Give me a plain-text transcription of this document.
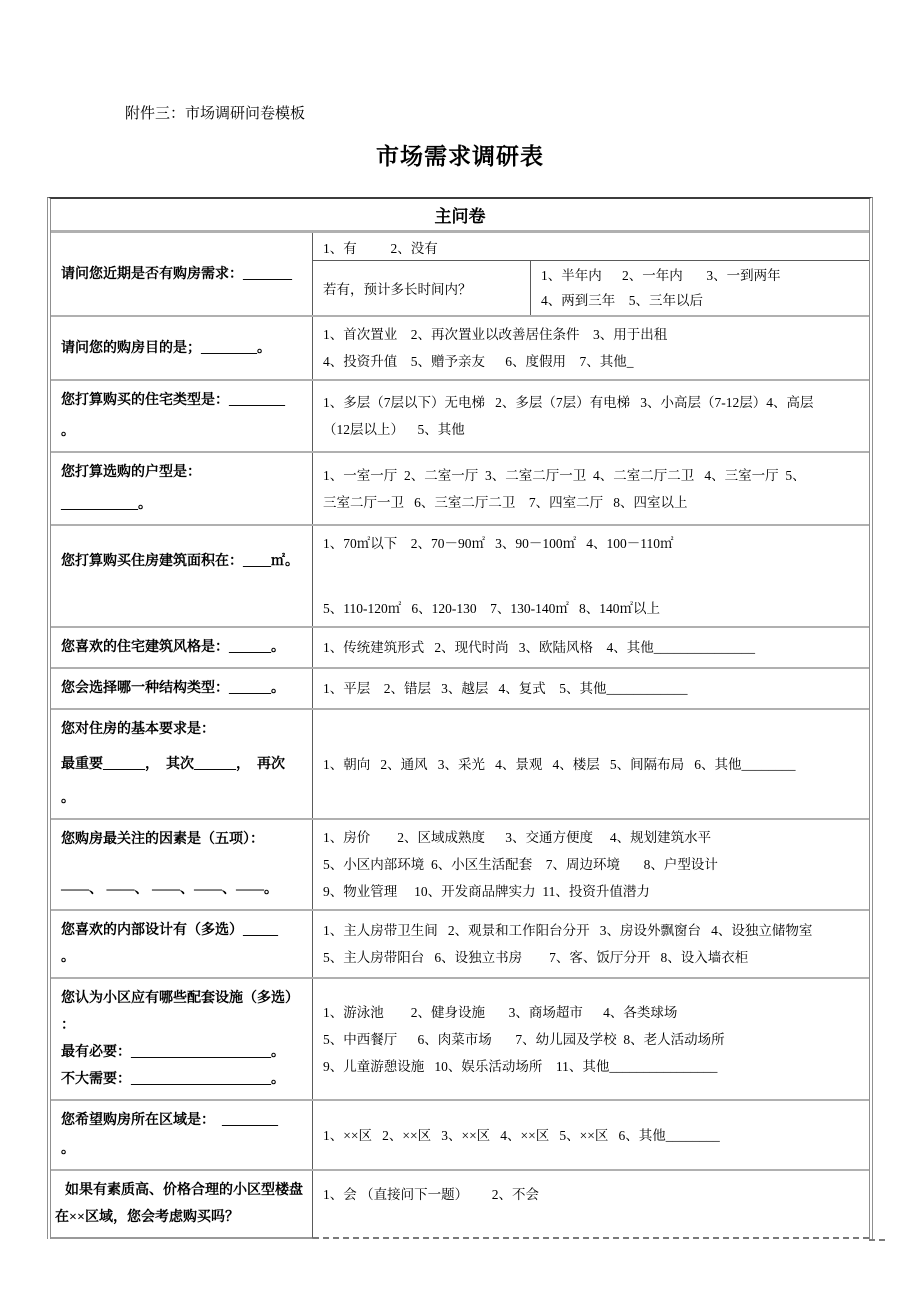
附件三：市场调研问卷模板
市场需求调研表
主问卷
请问您近期是否有购房需求：_______
1、有          2、没有
若有，预计多长时间内？
1、半年内      2、一年内       3、一到两年
4、两到三年    5、三年以后
请问您的购房目的是；________。
1、首次置业    2、再次置业以改善居住条件    3、用于出租
4、投资升值    5、赠予亲友      6、度假用    7、其他_
您打算购买的住宅类型是：________
。
1、多层（7层以下）无电梯   2、多层（7层）有电梯   3、小高层（7-12层）4、高层
（12层以上）    5、其他
您打算选购的户型是：
___________。
1、一室一厅  2、二室一厅  3、二室二厅一卫  4、二室二厅二卫   4、三室一厅  5、
三室二厅一卫   6、三室二厅二卫    7、四室二厅   8、四室以上
您打算购买住房建筑面积在：____㎡。
1、70㎡以下    2、70－90㎡   3、90－100㎡   4、100－110㎡
5、110-120㎡   6、120-130    7、130-140㎡   8、140㎡以上
您喜欢的住宅建筑风格是：______。	1、传统建筑形式   2、现代时尚   3、欧陆风格    4、其他_______________
您会选择哪一种结构类型：______。	1、平层    2、错层   3、越层   4、复式    5、其他____________
您对住房的基本要求是：
最重要______，  其次______，  再次
。
1、朝向   2、通风   3、采光   4、景观   4、楼层   5、间隔布局   6、其他________
您购房最关注的因素是（五项）：
——、 ——、 ——、——、——。
1、房价        2、区域成熟度      3、交通方便度     4、规划建筑水平
5、小区内部环境  6、小区生活配套    7、周边环境       8、户型设计
9、物业管理     10、开发商品牌实力  11、投资升值潜力
您喜欢的内部设计有（多选）_____
。
1、主人房带卫生间   2、观景和工作阳台分开   3、房设外飘窗台   4、设独立储物室
5、主人房带阳台   6、设独立书房        7、客、饭厅分开   8、设入墙衣柜
您认为小区应有哪些配套设施（多选）
：
最有必要：____________________。
不大需要：____________________。
1、游泳池        2、健身设施       3、商场超市      4、各类球场
5、中西餐厅      6、肉菜市场       7、幼儿园及学校  8、老人活动场所
9、儿童游憩设施   10、娱乐活动场所    11、其他________________
您希望购房所在区域是：  ________
。
1、××区   2、××区   3、××区   4、××区   5、××区   6、其他________
如果有素质高、价格合理的小区型楼盘在××区域，您会考虑购买吗？
1、会 （直接问下一题）       2、不会
